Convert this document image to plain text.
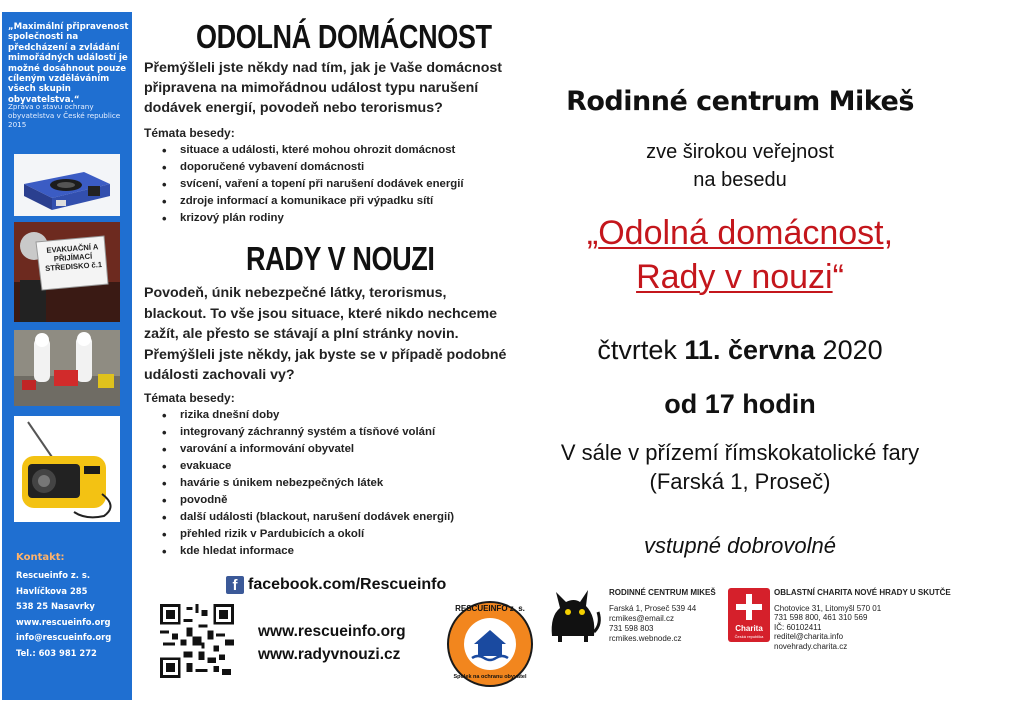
„Maximální připravenost společnosti na předcházení a zvládání mimořádných událostí je možné dosáhnout pouze cíleným vzděláváním všech skupin obyvatelstva.“
Zpráva o stavu ochrany obyvatelstva v České republice 2015
EVAKUAČNÍ A PŘIJÍMACÍ STŘEDISKO č.1
Kontakt:
Rescueinfo z. s.
Havlíčkova 285
538 25 Nasavrky
www.rescueinfo.org
info@rescueinfo.org
Tel.: 603 981 272
ODOLNÁ DOMÁCNOST
Přemýšleli jste někdy nad tím, jak je Vaše domácnost
připravena na mimořádnou událost typu narušení
dodávek energií, povodeň nebo terorismus?
Témata besedy:
• situace a události, které mohou ohrozit domácnost
• doporučené vybavení domácnosti
• svícení, vaření a topení při narušení dodávek energií
• zdroje informací a komunikace při výpadku sítí
• krizový plán rodiny
RADY V NOUZI
Povodeň, únik nebezpečné látky, terorismus,
blackout. To vše jsou situace, které nikdo nechceme
zažít, ale přesto se stávají a plní stránky novin.
Přemýšleli jste někdy, jak byste se v případě podobné
události zachovali vy?
Témata besedy:
• rizika dnešní doby
• integrovaný záchranný systém a tísňové volání
• varování a informování obyvatel
• evakuace
• havárie s únikem nebezpečných látek
• povodně
• další události (blackout, narušení dodávek energií)
• přehled rizik v Pardubicích a okolí
• kde hledat informace
f facebook.com/Rescueinfo
www.rescueinfo.org
www.radyvnouzi.cz
RESCUEINFO z. s.
Spolek na ochranu obyvatel
Rodinné centrum Mikeš
zve širokou veřejnost
na besedu
„Odolná domácnost,
Rady v nouzi“
čtvrtek 11. června 2020
od 17 hodin
V sále v přízemí římskokatolické fary
(Farská 1, Proseč)
vstupné dobrovolné
RODINNÉ CENTRUM MIKEŠ
Farská 1, Proseč 539 44
rcmikes@email.cz
731 598 803
rcmikes.webnode.cz
Charita
Česká republika
OBLASTNÍ CHARITA NOVÉ HRADY U SKUTČE
Chotovice 31, Litomyšl 570 01
731 598 800, 461 310 569
IČ: 60102411
reditel@charita.info
novehrady.charita.cz
